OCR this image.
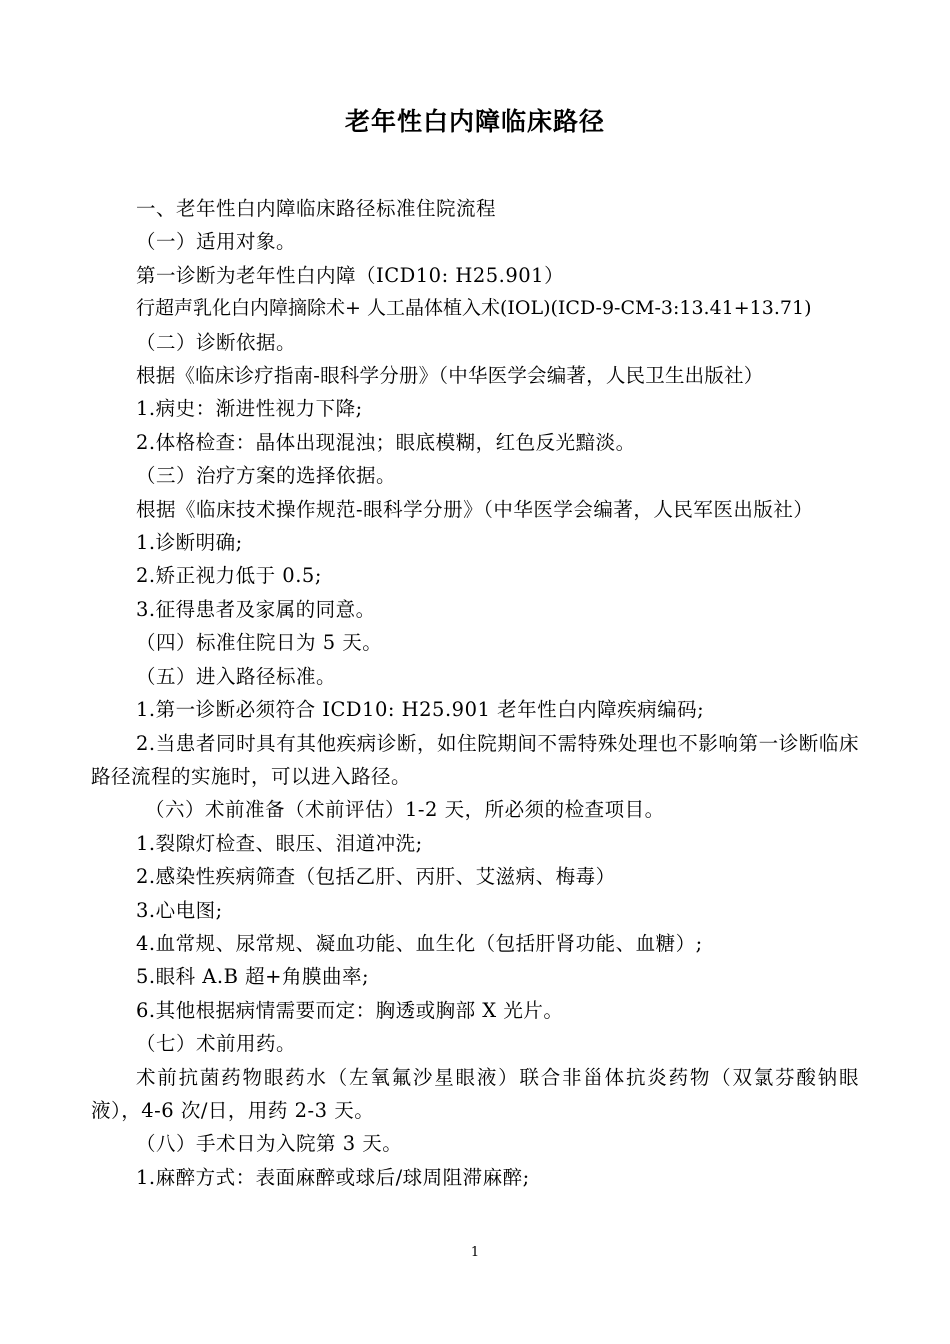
老年性白内障临床路径
一、老年性白内障临床路径标准住院流程
（一）适用对象。
第一诊断为老年性白内障（ICD10: H25.901）
行超声乳化白内障摘除术+ 人工晶体植入术(IOL)(ICD-9-CM-3:13.41+13.71)
（二）诊断依据。
根据《临床诊疗指南-眼科学分册》（中华医学会编著，人民卫生出版社）
1.病史：渐进性视力下降;
2.体格检查：晶体出现混浊；眼底模糊，红色反光黯淡。
（三）治疗方案的选择依据。
根据《临床技术操作规范-眼科学分册》（中华医学会编著，人民军医出版社）
1.诊断明确;
2.矫正视力低于 0.5;
3.征得患者及家属的同意。
（四）标准住院日为 5 天。
（五）进入路径标准。
1.第一诊断必须符合 ICD10: H25.901 老年性白内障疾病编码;
2.当患者同时具有其他疾病诊断，如住院期间不需特殊处理也不影响第一诊断临床路径流程的实施时，可以进入路径。
（六）术前准备（术前评估）1-2 天，所必须的检查项目。
1.裂隙灯检查、眼压、泪道冲洗;
2.感染性疾病筛查（包括乙肝、丙肝、艾滋病、梅毒）
3.心电图;
4.血常规、尿常规、凝血功能、血生化（包括肝肾功能、血糖）;
5.眼科 A.B 超+角膜曲率;
6.其他根据病情需要而定：胸透或胸部 X 光片。
（七）术前用药。
术前抗菌药物眼药水（左氧氟沙星眼液）联合非甾体抗炎药物（双氯芬酸钠眼液），4-6 次/日，用药 2-3 天。
（八）手术日为入院第 3 天。
1.麻醉方式：表面麻醉或球后/球周阻滞麻醉;
1
